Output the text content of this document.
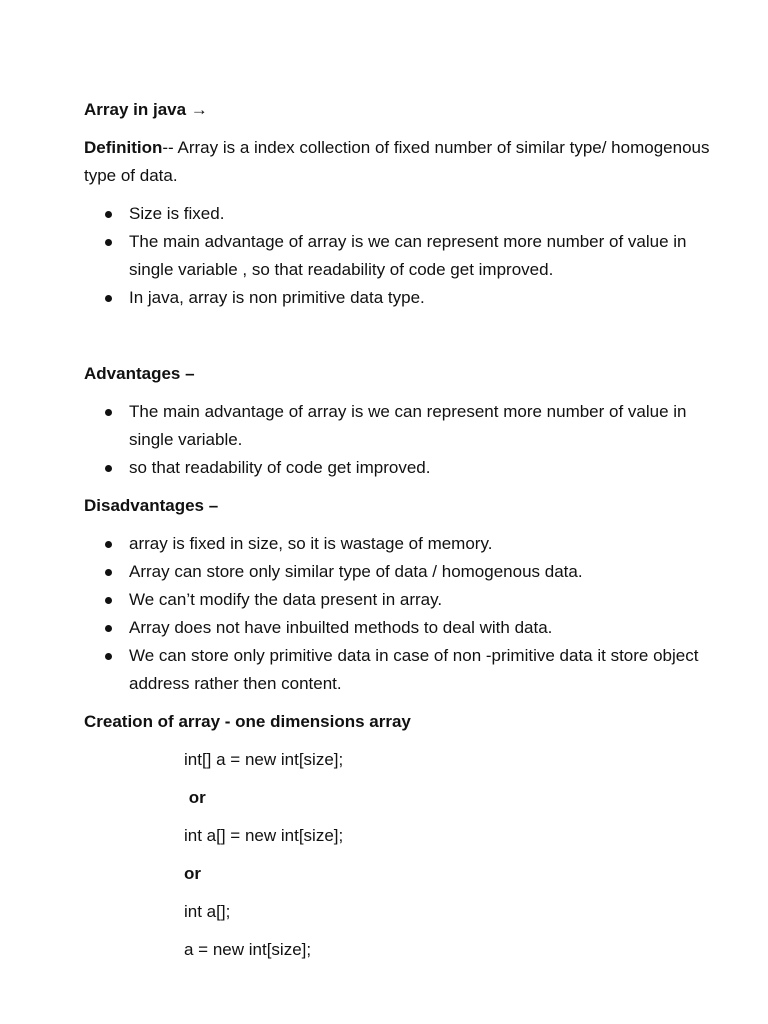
Array in java →

Definition-- Array is a index collection of fixed number of similar type/ homogenous type of data.

Size is fixed.
The main advantage of array is we can represent more number of value in single variable , so that readability of code get improved.
In java, array is non primitive data type.

Advantages –

The main advantage of array is we can represent more number of value in single variable.
so that readability of code get improved.

Disadvantages –

array is fixed in size, so it is wastage of memory.
Array can store only similar type of data / homogenous data.
We can’t modify the data present in array.
Array does not have inbuilted methods to deal with data.
We can store only primitive data in case of non -primitive data it store object address rather then content.

Creation of array - one dimensions array

int[] a = new int[size];

or

int a[] = new int[size];

or

int a[];

a = new int[size];
